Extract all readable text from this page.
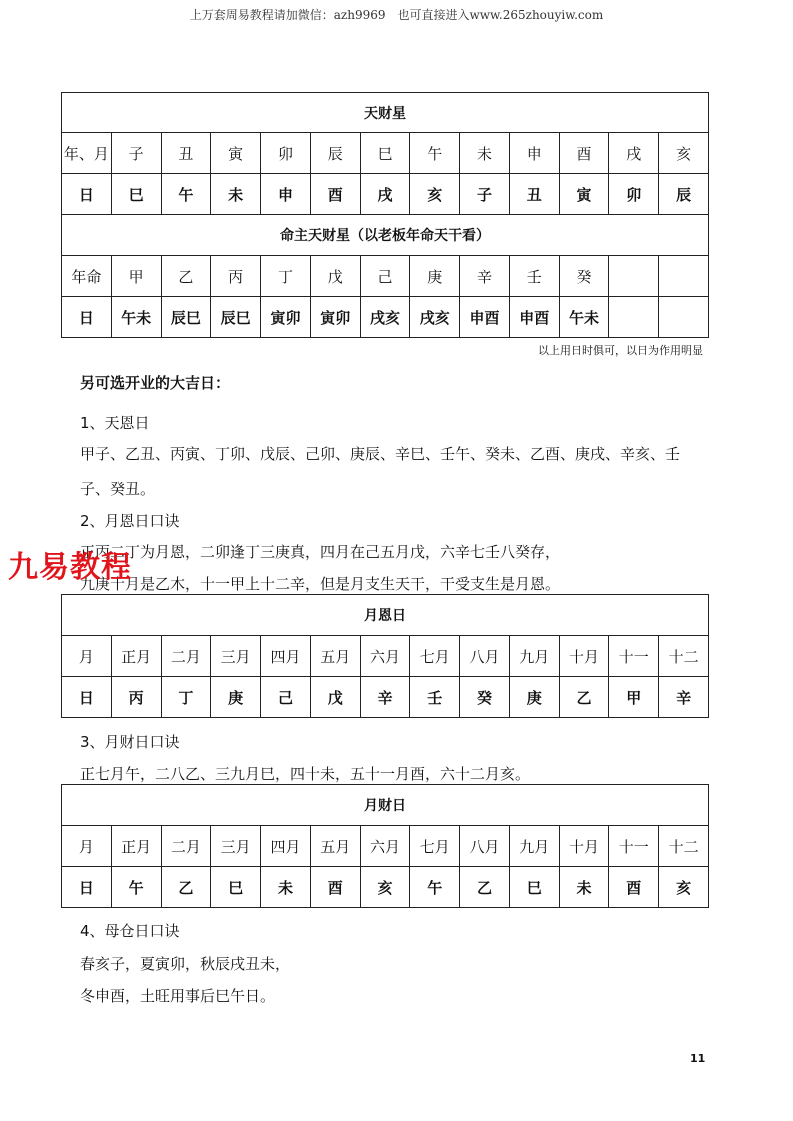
上万套周易教程请加微信：azh9969　也可直接进入www.265zhouyiw.com
天财星												
年、月	子	丑	寅	卯	辰	巳	午	未	申	酉	戌	亥
日	巳	午	未	申	酉	戌	亥	子	丑	寅	卯	辰
命主天财星（以老板年命天干看）												
年命	甲	乙	丙	丁	戊	己	庚	辛	壬	癸		
日	午未	辰巳	辰巳	寅卯	寅卯	戌亥	戌亥	申酉	申酉	午未		
以上用日时俱可，以日为作用明显
另可选开业的大吉日：
1、天恩日
甲子、乙丑、丙寅、丁卯、戊辰、己卯、庚辰、辛巳、壬午、癸未、乙酉、庚戌、辛亥、壬
子、癸丑。
2、月恩日口诀
正丙二丁为月恩，二卯逢丁三庚真，四月在己五月戊，六辛七壬八癸存，
九庚十月是乙木，十一甲上十二辛，但是月支生天干，干受支生是月恩。
九易教程
月恩日												
月	正月	二月	三月	四月	五月	六月	七月	八月	九月	十月	十一	十二
日	丙	丁	庚	己	戊	辛	壬	癸	庚	乙	甲	辛
3、月财日口诀
正七月午，二八乙、三九月巳，四十未，五十一月酉，六十二月亥。
月财日												
月	正月	二月	三月	四月	五月	六月	七月	八月	九月	十月	十一	十二
日	午	乙	巳	未	酉	亥	午	乙	巳	未	酉	亥
4、母仓日口诀
春亥子，夏寅卯，秋辰戌丑未，
冬申酉，土旺用事后巳午日。
11
